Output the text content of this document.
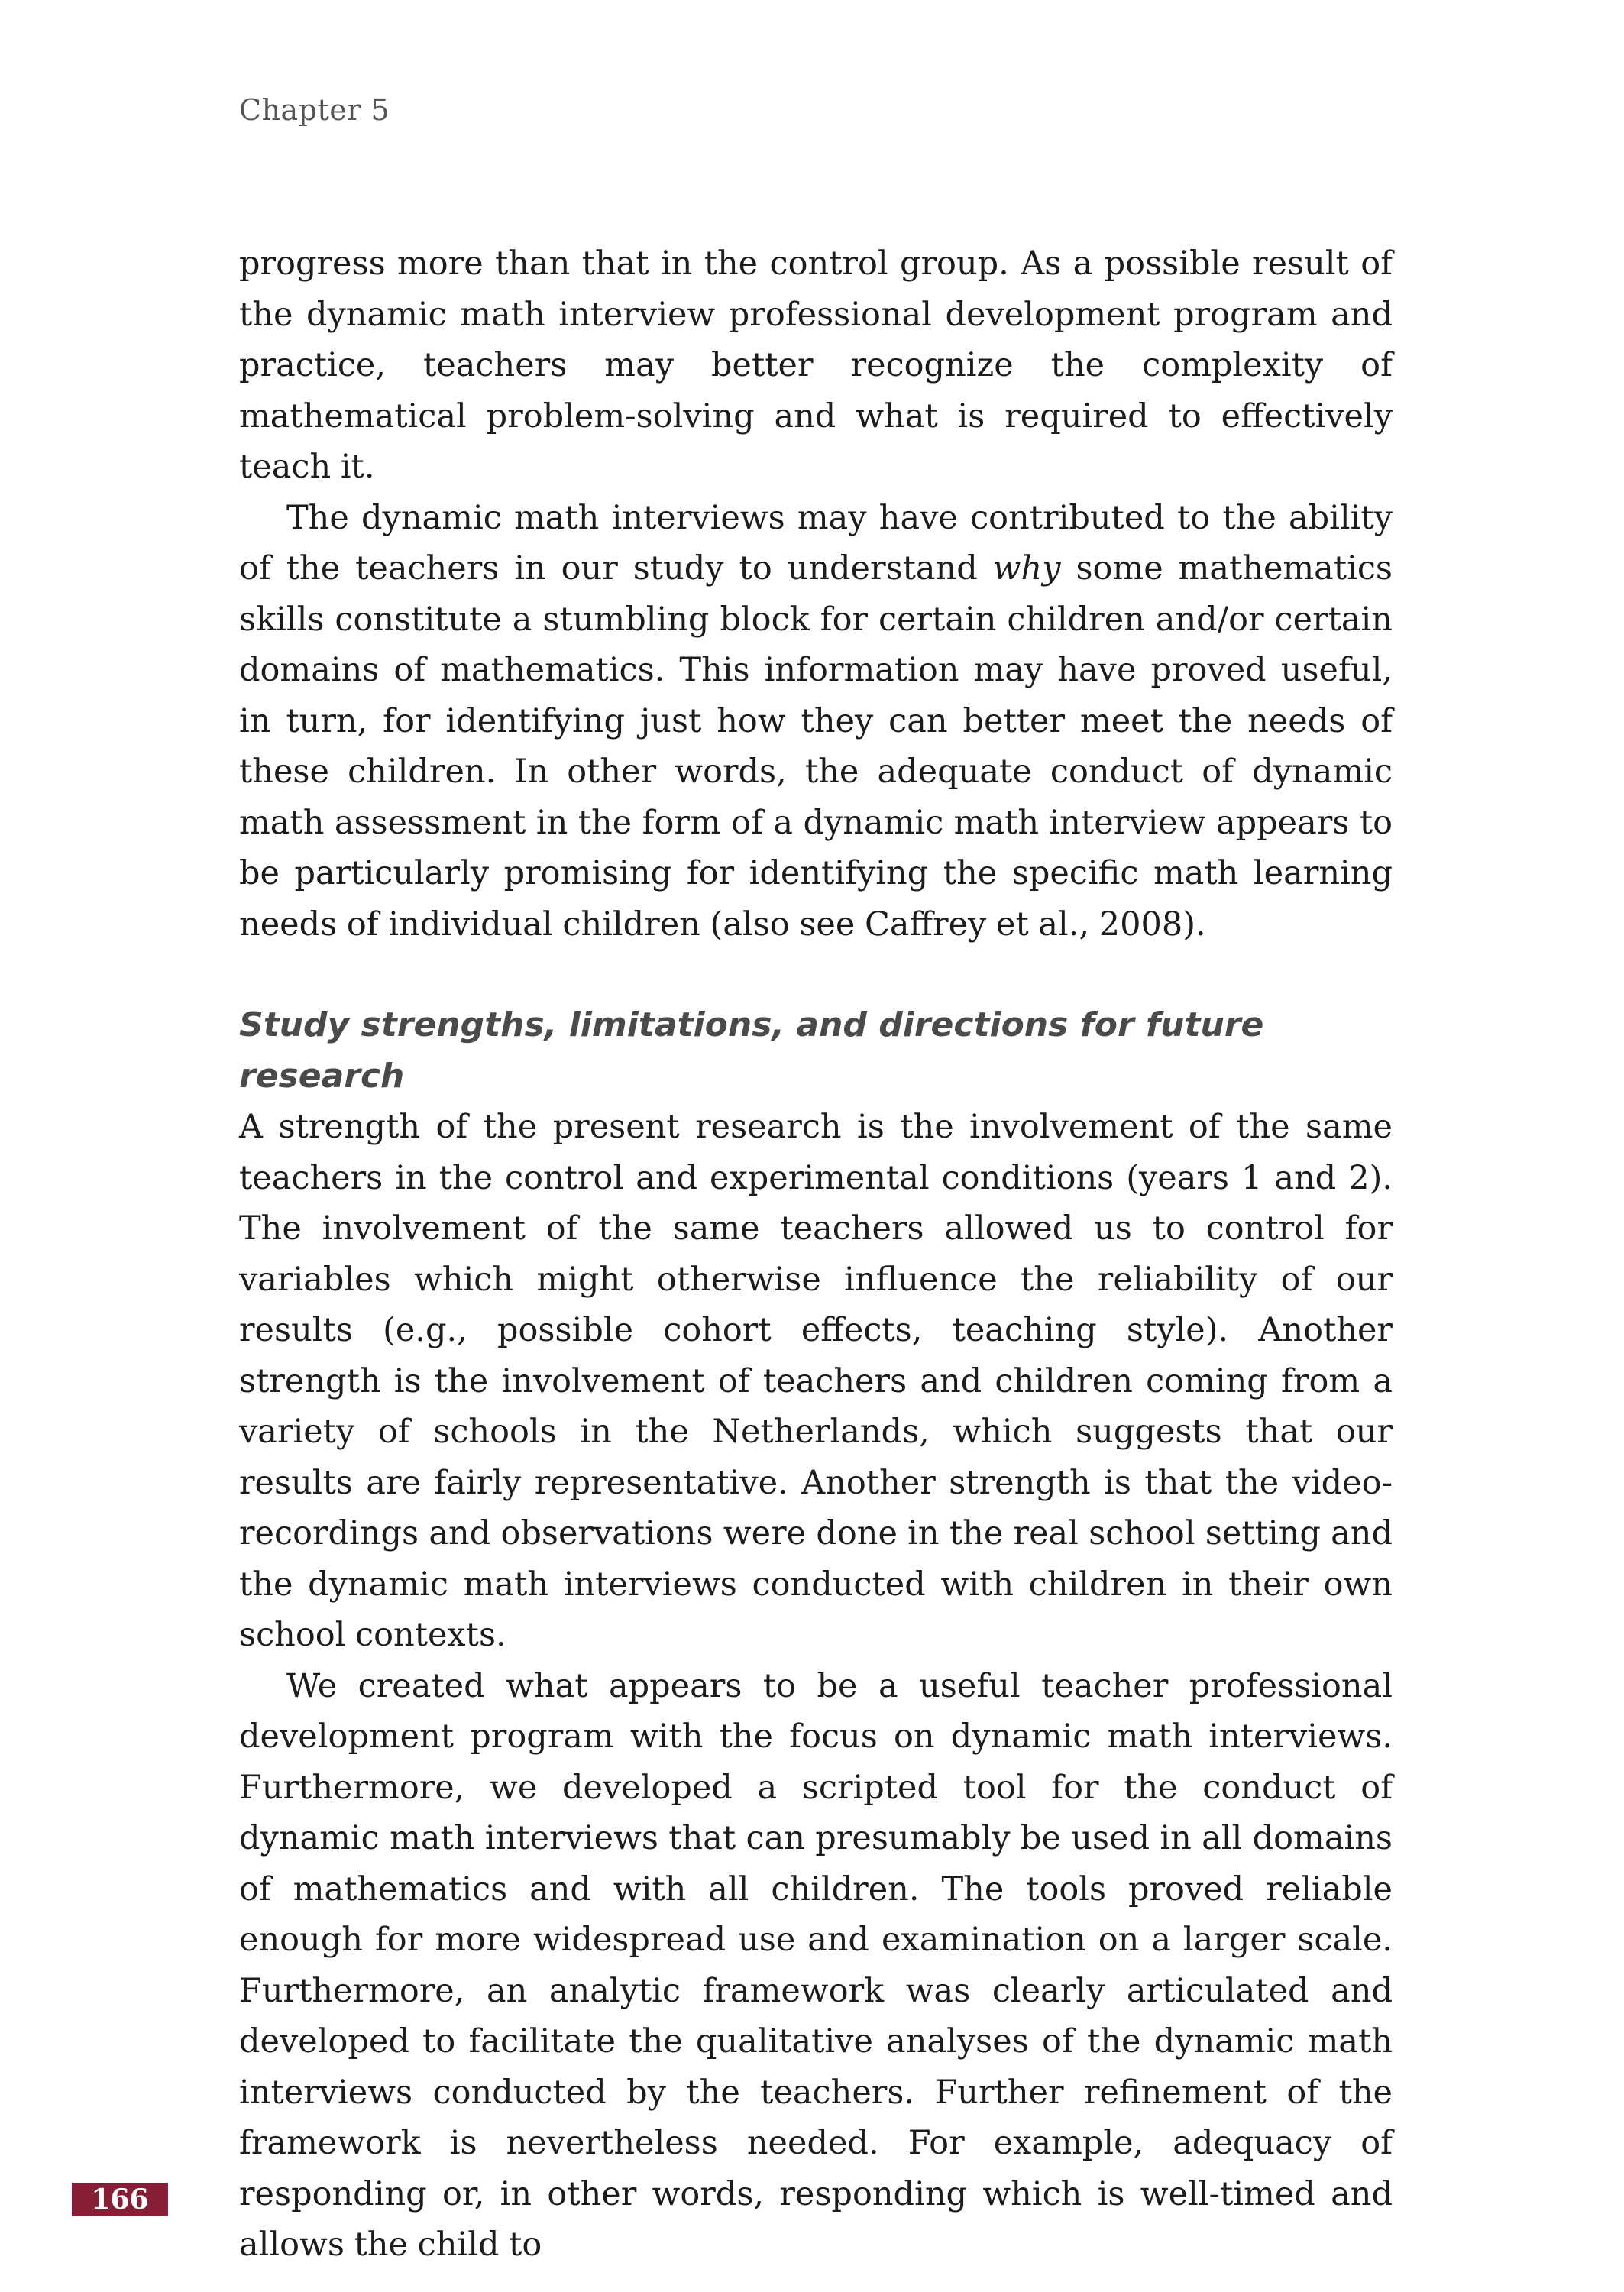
Chapter 5

progress more than that in the control group. As a possible result of the dynamic math interview professional development program and practice, teachers may better recognize the complexity of mathematical problem-solving and what is required to effectively teach it.

The dynamic math interviews may have contributed to the ability of the teachers in our study to understand why some mathematics skills constitute a stumbling block for certain children and/or certain domains of mathematics. This information may have proved useful, in turn, for identifying just how they can better meet the needs of these children. In other words, the adequate conduct of dynamic math assessment in the form of a dynamic math interview appears to be particularly promising for identifying the specific math learning needs of individual children (also see Caffrey et al., 2008).

Study strengths, limitations, and directions for future research

A strength of the present research is the involvement of the same teachers in the control and experimental conditions (years 1 and 2). The involvement of the same teachers allowed us to control for variables which might otherwise influence the reliability of our results (e.g., possible cohort effects, teaching style). Another strength is the involvement of teachers and children coming from a variety of schools in the Netherlands, which suggests that our results are fairly representative. Another strength is that the video-recordings and observations were done in the real school setting and the dynamic math interviews conducted with children in their own school contexts.

We created what appears to be a useful teacher professional development program with the focus on dynamic math interviews. Furthermore, we developed a scripted tool for the conduct of dynamic math interviews that can presumably be used in all domains of mathematics and with all children. The tools proved reliable enough for more widespread use and examination on a larger scale. Furthermore, an analytic framework was clearly articulated and developed to facilitate the qualitative analyses of the dynamic math interviews conducted by the teachers. Further refinement of the framework is nevertheless needed. For example, adequacy of responding or, in other words, responding which is well-timed and allows the child to

166
